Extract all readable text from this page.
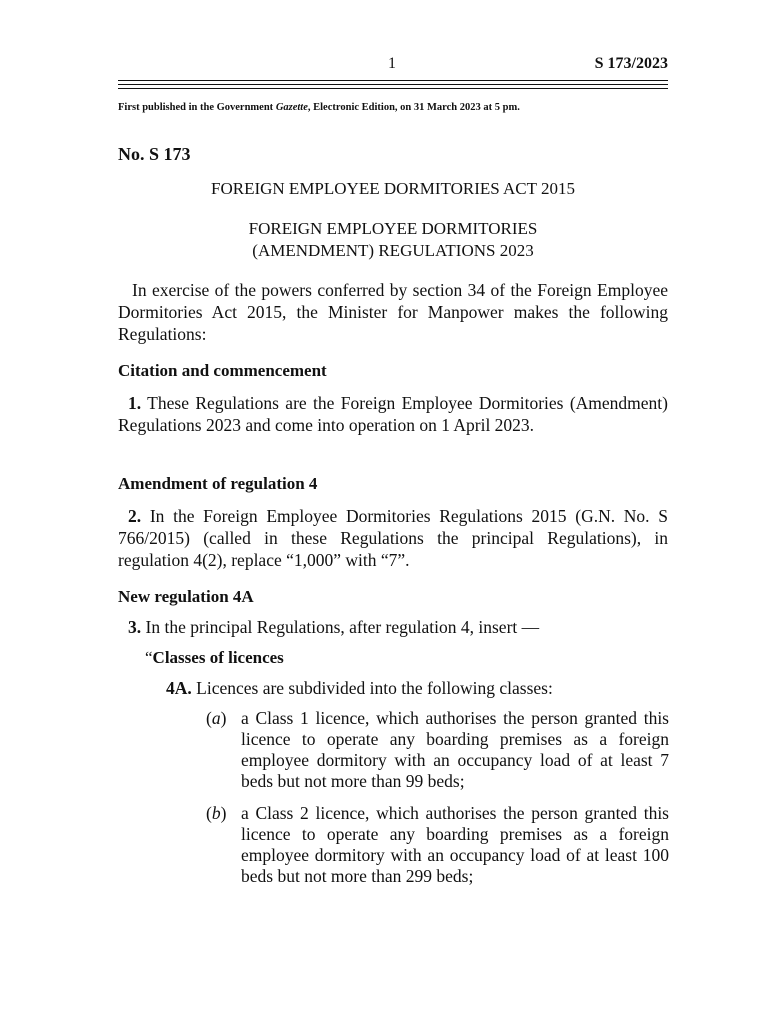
1	S 173/2023
First published in the Government Gazette, Electronic Edition, on 31 March 2023 at 5 pm.
No. S 173
FOREIGN EMPLOYEE DORMITORIES ACT 2015
FOREIGN EMPLOYEE DORMITORIES
(AMENDMENT) REGULATIONS 2023
In exercise of the powers conferred by section 34 of the Foreign Employee Dormitories Act 2015, the Minister for Manpower makes the following Regulations:
Citation and commencement
1. These Regulations are the Foreign Employee Dormitories (Amendment) Regulations 2023 and come into operation on 1 April 2023.
Amendment of regulation 4
2. In the Foreign Employee Dormitories Regulations 2015 (G.N. No. S 766/2015) (called in these Regulations the principal Regulations), in regulation 4(2), replace “1,000” with “7”.
New regulation 4A
3. In the principal Regulations, after regulation 4, insert —
“Classes of licences
4A. Licences are subdivided into the following classes:
(a) a Class 1 licence, which authorises the person granted this licence to operate any boarding premises as a foreign employee dormitory with an occupancy load of at least 7 beds but not more than 99 beds;
(b) a Class 2 licence, which authorises the person granted this licence to operate any boarding premises as a foreign employee dormitory with an occupancy load of at least 100 beds but not more than 299 beds;
